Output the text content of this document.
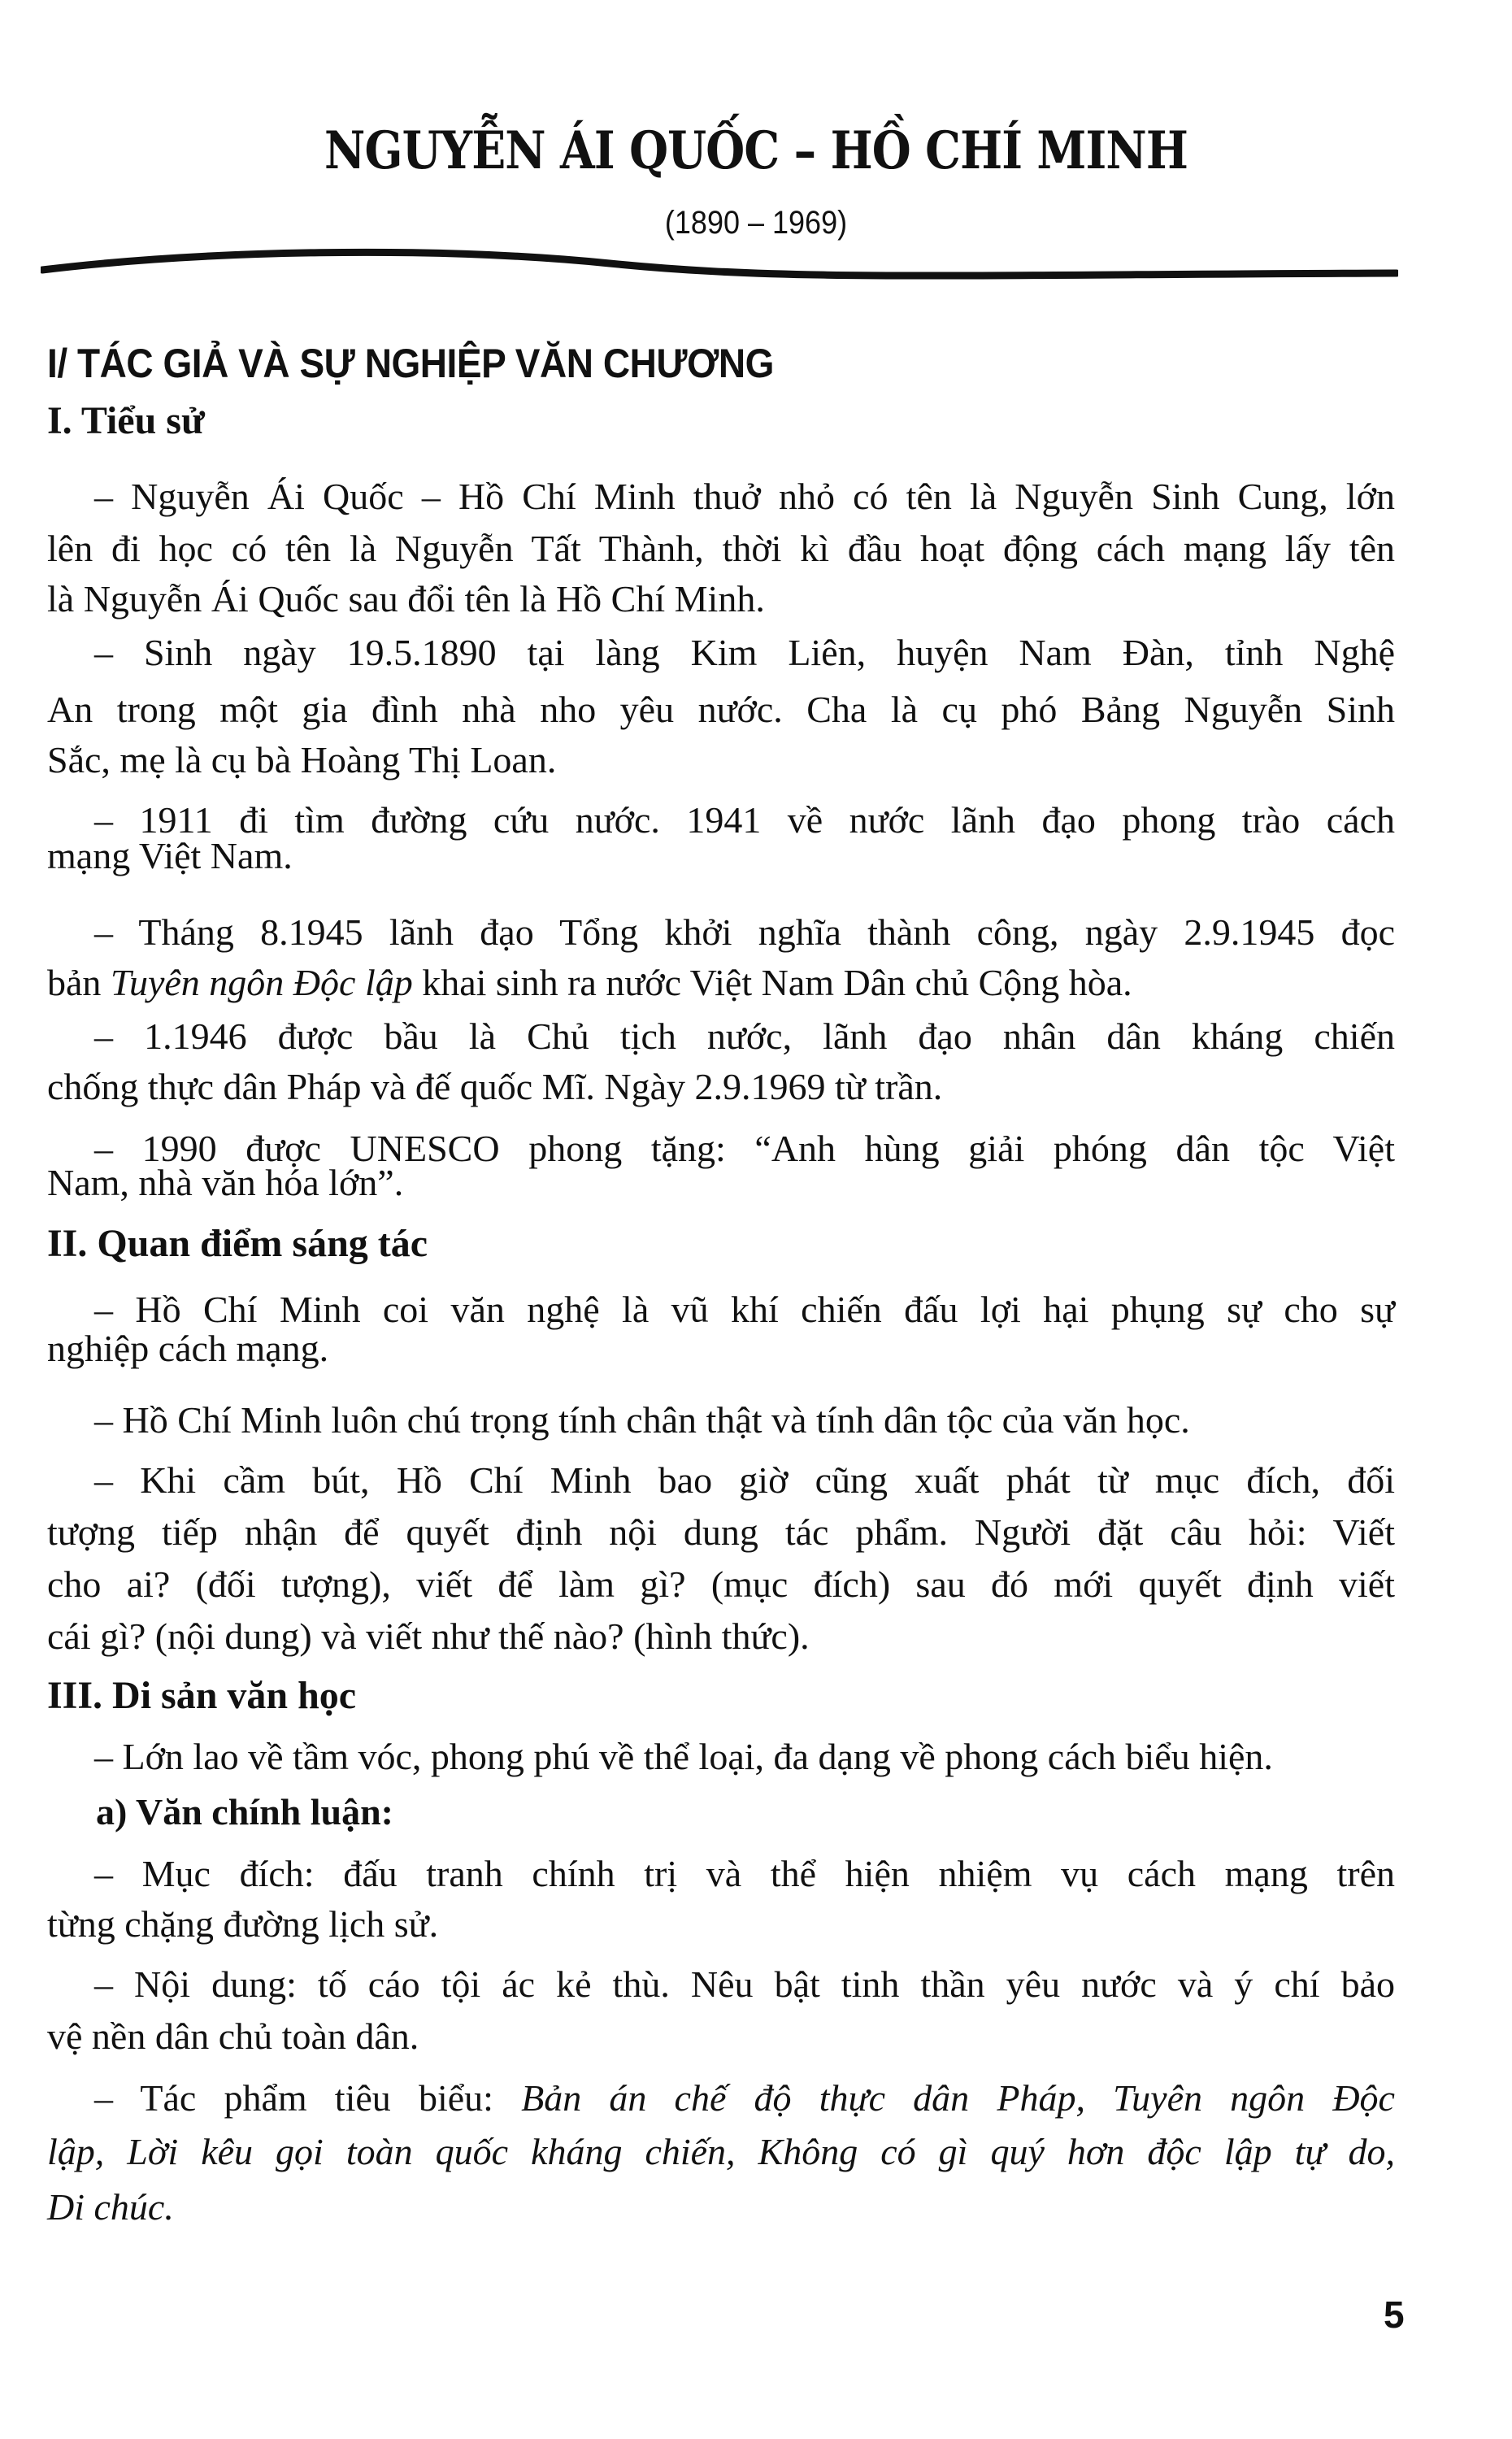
NGUYỄN ÁI QUỐC – HỒ CHÍ MINH
(1890 – 1969)
I/ TÁC GIẢ VÀ SỰ NGHIỆP VĂN CHƯƠNG
I. Tiểu sử
– Nguyễn Ái Quốc – Hồ Chí Minh thuở nhỏ có tên là Nguyễn Sinh Cung, lớn
lên đi học có tên là Nguyễn Tất Thành, thời kì đầu hoạt động cách mạng lấy tên
là Nguyễn Ái Quốc sau đổi tên là Hồ Chí Minh.
– Sinh ngày 19.5.1890 tại làng Kim Liên, huyện Nam Đàn, tỉnh Nghệ
An trong một gia đình nhà nho yêu nước. Cha là cụ phó Bảng Nguyễn Sinh
Sắc, mẹ là cụ bà Hoàng Thị Loan.
– 1911 đi tìm đường cứu nước. 1941 về nước lãnh đạo phong trào cách
mạng Việt Nam.
– Tháng 8.1945 lãnh đạo Tổng khởi nghĩa thành công, ngày 2.9.1945 đọc
bản Tuyên ngôn Độc lập khai sinh ra nước Việt Nam Dân chủ Cộng hòa.
– 1.1946 được bầu là Chủ tịch nước, lãnh đạo nhân dân kháng chiến
chống thực dân Pháp và đế quốc Mĩ. Ngày 2.9.1969 từ trần.
– 1990 được UNESCO phong tặng: “Anh hùng giải phóng dân tộc Việt
Nam, nhà văn hóa lớn”.
II. Quan điểm sáng tác
– Hồ Chí Minh coi văn nghệ là vũ khí chiến đấu lợi hại phụng sự cho sự
nghiệp cách mạng.
– Hồ Chí Minh luôn chú trọng tính chân thật và tính dân tộc của văn học.
– Khi cầm bút, Hồ Chí Minh bao giờ cũng xuất phát từ mục đích, đối
tượng tiếp nhận để quyết định nội dung tác phẩm. Người đặt câu hỏi: Viết
cho ai? (đối tượng), viết để làm gì? (mục đích) sau đó mới quyết định viết
cái gì? (nội dung) và viết như thế nào? (hình thức).
III. Di sản văn học
– Lớn lao về tầm vóc, phong phú về thể loại, đa dạng về phong cách biểu hiện.
a) Văn chính luận:
– Mục đích: đấu tranh chính trị và thể hiện nhiệm vụ cách mạng trên
từng chặng đường lịch sử.
– Nội dung: tố cáo tội ác kẻ thù. Nêu bật tinh thần yêu nước và ý chí bảo
vệ nền dân chủ toàn dân.
– Tác phẩm tiêu biểu: Bản án chế độ thực dân Pháp, Tuyên ngôn Độc
lập, Lời kêu gọi toàn quốc kháng chiến, Không có gì quý hơn độc lập tự do,
Di chúc.
5
